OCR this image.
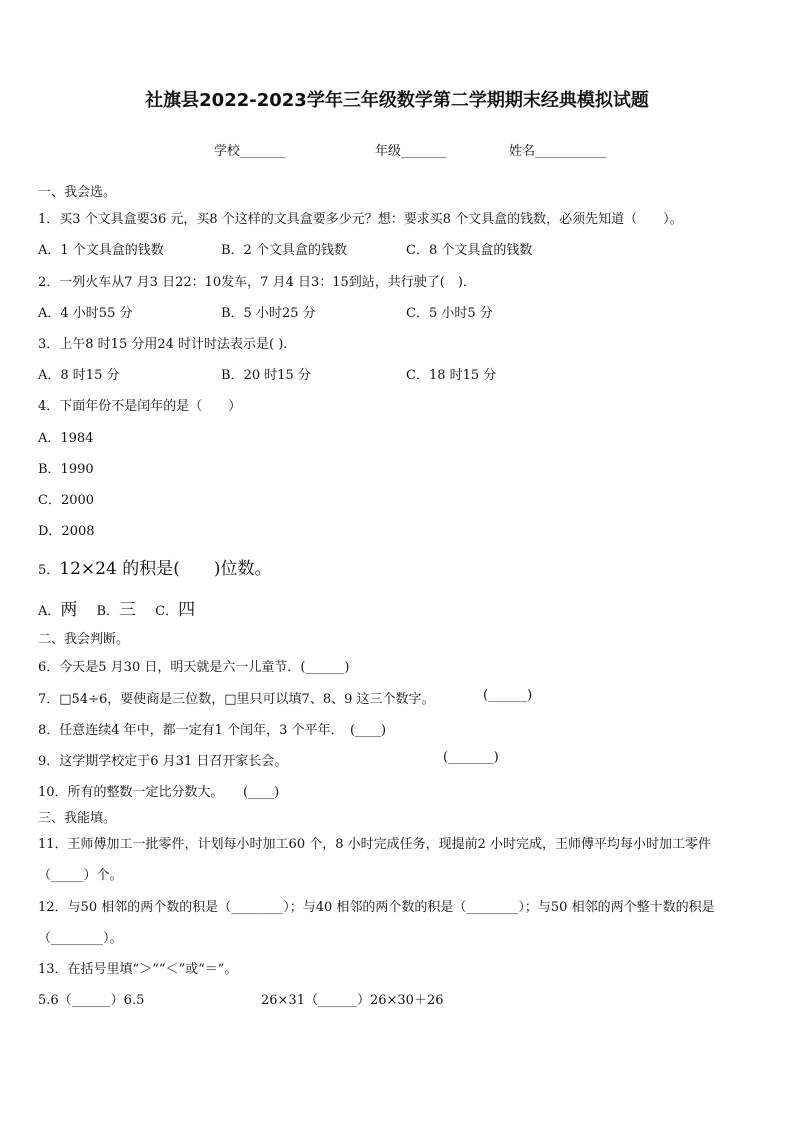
社旗县2022-2023学年三年级数学第二学期期末经典模拟试题
学校_______	年级_______	姓名___________
一、我会选。
1．买3 个文具盒要36 元，买8 个这样的文具盒要多少元？想：要求买8 个文具盒的钱数，必须先知道（　　）。
A．1 个文具盒的钱数	B．2 个文具盒的钱数	C．8 个文具盒的钱数
2．一列火车从7 月3 日22：10发车，7 月4 日3：15到站，共行驶了(　)．
A．4 小时55 分	B．5 小时25 分	C．5 小时5 分
3．上午8 时15 分用24 时计时法表示是( ).
A．8 时15 分	B．20 时15 分	C．18 时15 分
4．下面年份不是闰年的是（　　）
A．1984
B．1990
C．2000
D．2008
5．12×24 的积是(　　)位数。
A．两 B．三 C．四
二、我会判断。
6．今天是5 月30 日，明天就是六一儿童节．(______)
7．□54÷6，要使商是三位数，□里只可以填7、8、9 这三个数字。	(______)
8．任意连续4 年中，都一定有1 个闰年，3 个平年．　(____)
9．这学期学校定于6 月31 日召开家长会。	(_______)
10．所有的整数一定比分数大。　　(____)
三、我能填。
11．王师傅加工一批零件，计划每小时加工60 个，8 小时完成任务，现提前2 小时完成，王师傅平均每小时加工零件
（_____）个。
12．与50 相邻的两个数的积是（________）；与40 相邻的两个数的积是（________）；与50 相邻的两个整十数的积是
（________）。
13．在括号里填“＞”“＜”或“＝”。
5.6（______）6.5	26×31（______）26×30＋26
